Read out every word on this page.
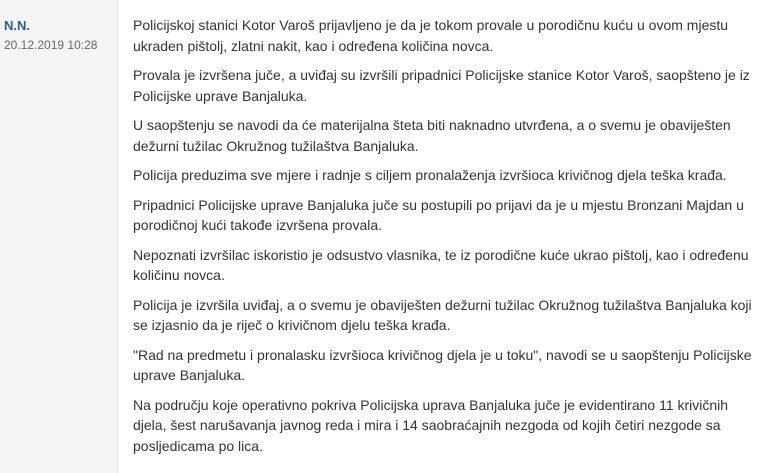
N.N.
20.12.2019 10:28

Policijskoj stanici Kotor Varoš prijavljeno je da je tokom provale u porodičnu kuću u ovom mjestu ukraden pištolj, zlatni nakit, kao i određena količina novca.

Provala je izvršena juče, a uviđaj su izvršili pripadnici Policijske stanice Kotor Varoš, saopšteno je iz Policijske uprave Banjaluka.

U saopštenju se navodi da će materijalna šteta biti naknadno utvrđena, a o svemu je obaviješten dežurni tužilac Okružnog tužilaštva Banjaluka.

Policija preduzima sve mjere i radnje s ciljem pronalaženja izvršioca krivičnog djela teška krađa.

Pripadnici Policijske uprave Banjaluka juče su postupili po prijavi da je u mjestu Bronzani Majdan u porodičnoj kući takođe izvršena provala.

Nepoznati izvršilac iskoristio je odsustvo vlasnika, te iz porodične kuće ukrao pištolj, kao i određenu količinu novca.

Policija je izvršila uviđaj, a o svemu je obaviješten dežurni tužilac Okružnog tužilaštva Banjaluka koji se izjasnio da je riječ o krivičnom djelu teška krađa.

"Rad na predmetu i pronalasku izvršioca krivičnog djela je u toku", navodi se u saopštenju Policijske uprave Banjaluka.

Na području koje operativno pokriva Policijska uprava Banjaluka juče je evidentirano 11 krivičnih djela, šest narušavanja javnog reda i mira i 14 saobraćajnih nezgoda od kojih četiri nezgode sa posljedicama po lica.
